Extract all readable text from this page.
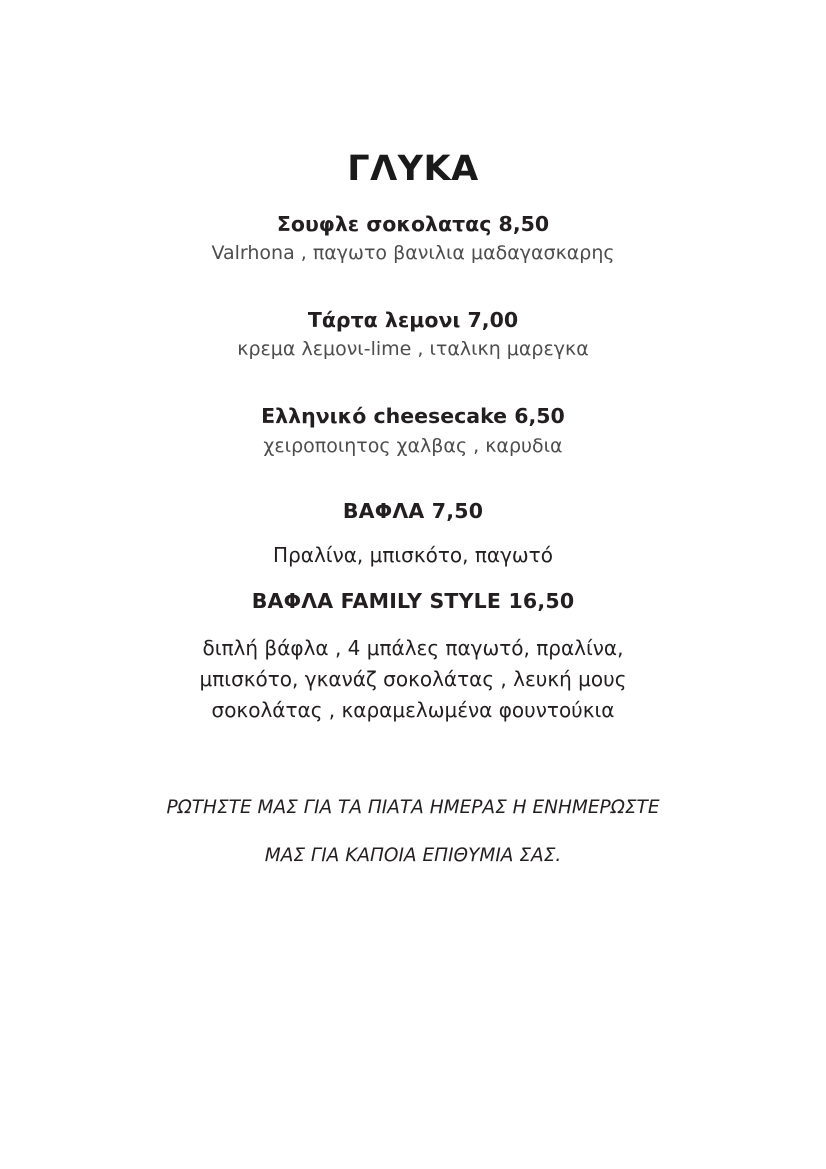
ΓΛΥΚΑ

Σουφλε σοκολατας 8,50

Valrhona , παγωτο βανιλια μαδαγασκαρης

Τάρτα λεμονι 7,00

κρεμα λεμονι-lime , ιταλικη μαρεγκα

Ελληνικό cheesecake 6,50

χειροποιητος χαλβας , καρυδια

ΒΑΦΛΑ 7,50

Πραλίνα, μπισκότο, παγωτό

ΒΑΦΛΑ FAMILY STYLE 16,50

διπλή βάφλα , 4 μπάλες παγωτό, πραλίνα, μπισκότο, γκανάζ σοκολάτας , λευκή μους σοκολάτας , καραμελωμένα φουντούκια

ΡΩΤΗΣΤΕ ΜΑΣ ΓΙΑ ΤΑ ΠΙΑΤΑ ΗΜΕΡΑΣ Η ΕΝΗΜΕΡΩΣΤΕ

ΜΑΣ ΓΙΑ ΚΑΠΟΙΑ ΕΠΙΘΥΜΙΑ ΣΑΣ.
